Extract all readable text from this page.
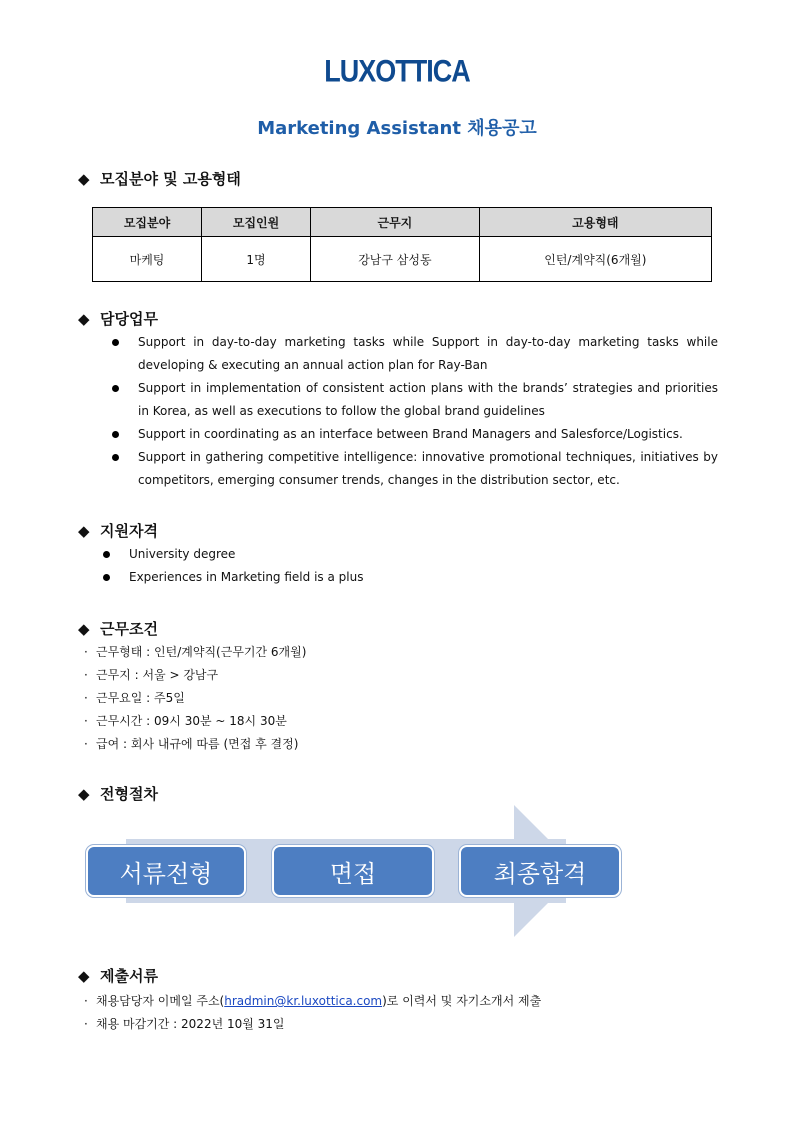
LUXOTTICA
Marketing Assistant 채용공고
◆ 모집분야 및 고용형태
모집분야	모집인원	근무지	고용형태
마케팅	1명	강남구 삼성동	인턴/계약직(6개월)
◆ 담당업무
Support in day-to-day marketing tasks while Support in day-to-day marketing tasks while developing & executing an annual action plan for Ray-Ban
Support in implementation of consistent action plans with the brands’ strategies and priorities in Korea, as well as executions to follow the global brand guidelines
Support in coordinating as an interface between Brand Managers and Salesforce/Logistics.
Support in gathering competitive intelligence: innovative promotional techniques, initiatives by competitors, emerging consumer trends, changes in the distribution sector, etc.
◆ 지원자격
University degree
Experiences in Marketing field is a plus
◆ 근무조건
· 근무형태 : 인턴/계약직(근무기간 6개월)
· 근무지 : 서울 > 강남구
· 근무요일 : 주5일
· 근무시간 : 09시 30분 ~ 18시 30분
· 급여 : 회사 내규에 따름 (면접 후 결정)
◆ 전형절차
서류전형	면접	최종합격
◆ 제출서류
· 채용담당자 이메일 주소(hradmin@kr.luxottica.com)로 이력서 및 자기소개서 제출
· 채용 마감기간 : 2022년 10월 31일
